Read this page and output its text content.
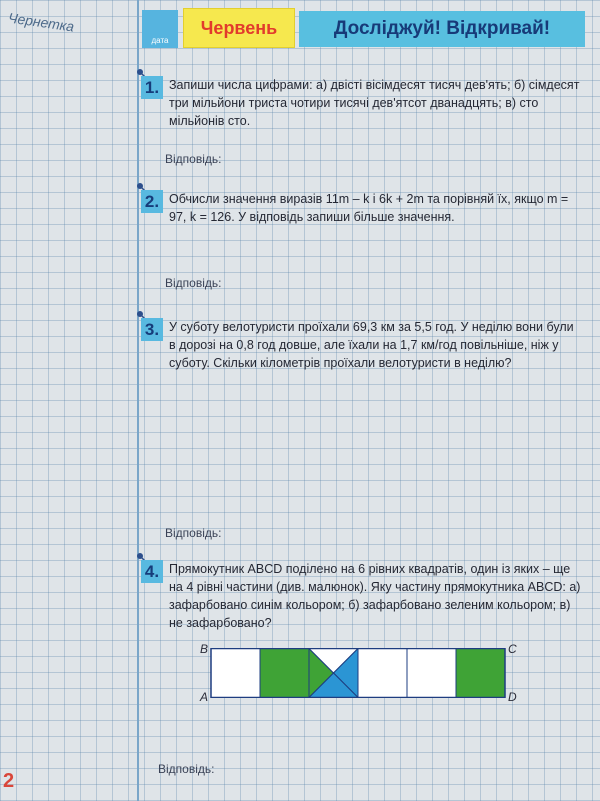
Чернетка
дата
Червень	Досліджуй! Відкривай!
1. Запиши числа цифрами: а) двісті вісімдесят тисяч дев'ять; б) сімдесят три мільйони триста чотири тисячі дев'ятсот дванадцять; в) сто мільйонів сто.
Відповідь:
2. Обчисли значення виразів 11m – k і 6k + 2m та порівняй їх, якщо m = 97, k = 126. У відповідь запиши більше значення.
Відповідь:
3. У суботу велотуристи проїхали 69,3 км за 5,5 год. У неділю вони були в дорозі на 0,8 год довше, але їхали на 1,7 км/год повільніше, ніж у суботу. Скільки кілометрів проїхали велотуристи в неділю?
Відповідь:
4. Прямокутник ABCD поділено на 6 рівних квадратів, один із яких – ще на 4 рівні частини (див. малюнок). Яку частину прямокутника ABCD: а) зафарбовано синім кольором; б) зафарбовано зеленим кольором; в) не зафарбовано?
B
A
C
D
Відповідь:
2
